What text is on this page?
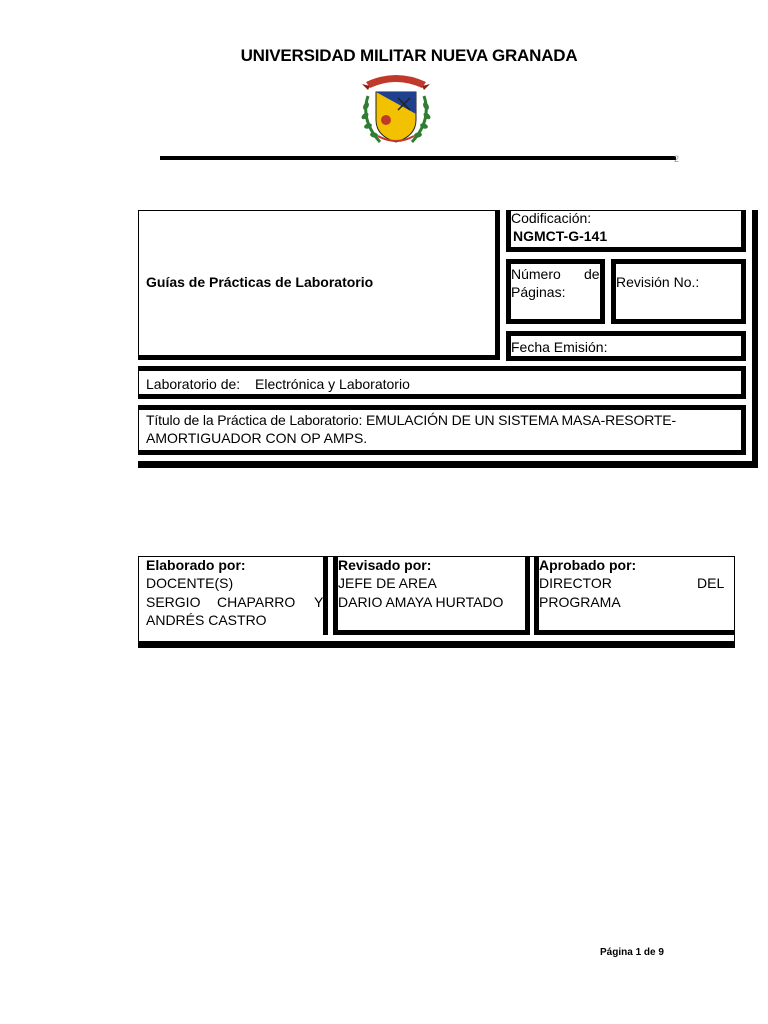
UNIVERSIDAD MILITAR NUEVA GRANADA
2
Guías de Prácticas de Laboratorio
Codificación:
NGMCT-G-141
Número de
Páginas:
Revisión No.:
Fecha Emisión:
Laboratorio de: Electrónica y Laboratorio
Título de la Práctica de Laboratorio: EMULACIÓN DE UN SISTEMA MASA-RESORTE-
AMORTIGUADOR CON OP AMPS.
Elaborado por:
DOCENTE(S)
SERGIO CHAPARRO Y
ANDRÉS CASTRO
Revisado por:
JEFE DE AREA
DARIO AMAYA HURTADO
Aprobado por:
DIRECTOR	DEL
PROGRAMA
Página 1 de 9
